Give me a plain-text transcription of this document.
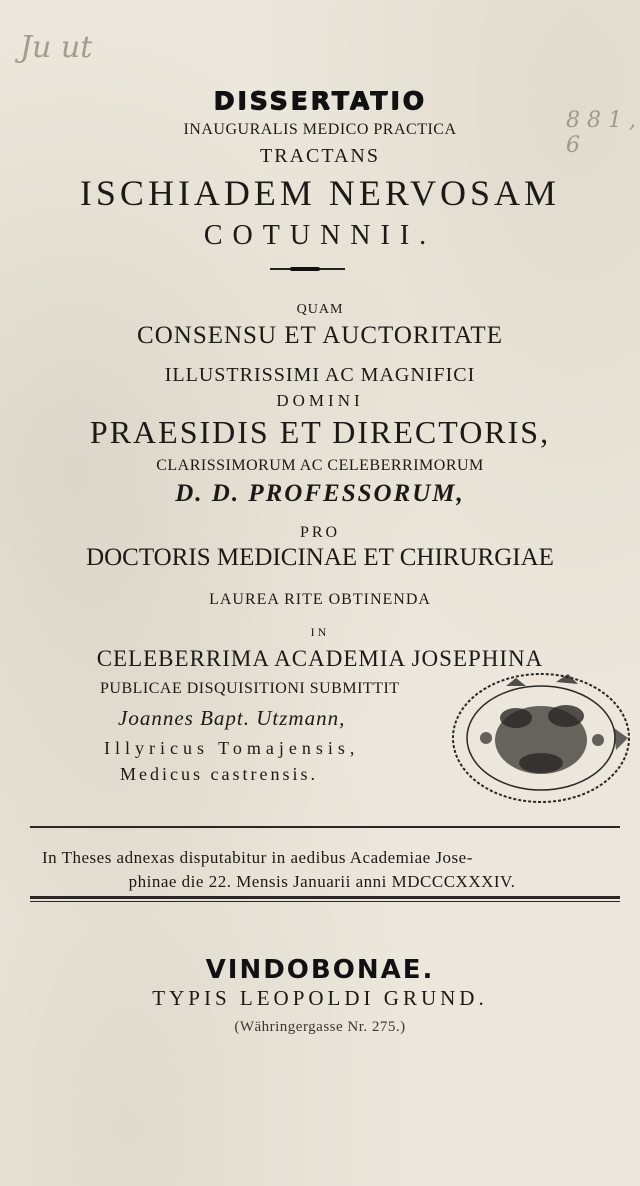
Ju ut
8 8 1 , 6
DISSERTATIO
INAUGURALIS MEDICO PRACTICA
TRACTANS
ISCHIADEM NERVOSAM
COTUNNII.
QUAM
CONSENSU ET AUCTORITATE
ILLUSTRISSIMI AC MAGNIFICI
DOMINI
PRAESIDIS ET DIRECTORIS,
CLARISSIMORUM AC CELEBERRIMORUM
D. D. PROFESSORUM,
PRO
DOCTORIS MEDICINAE ET CHIRURGIAE
LAUREA RITE OBTINENDA
IN
CELEBERRIMA ACADEMIA JOSEPHINA
PUBLICAE DISQUISITIONI SUBMITTIT
Joannes Bapt. Utzmann,
Illyricus Tomajensis,
Medicus castrensis.
In Theses adnexas disputabitur in aedibus Academiae Jose-
phinae die 22. Mensis Januarii anni MDCCCXXXIV.
VINDOBONAE.
TYPIS LEOPOLDI GRUND.
(Währingergasse Nr. 275.)
